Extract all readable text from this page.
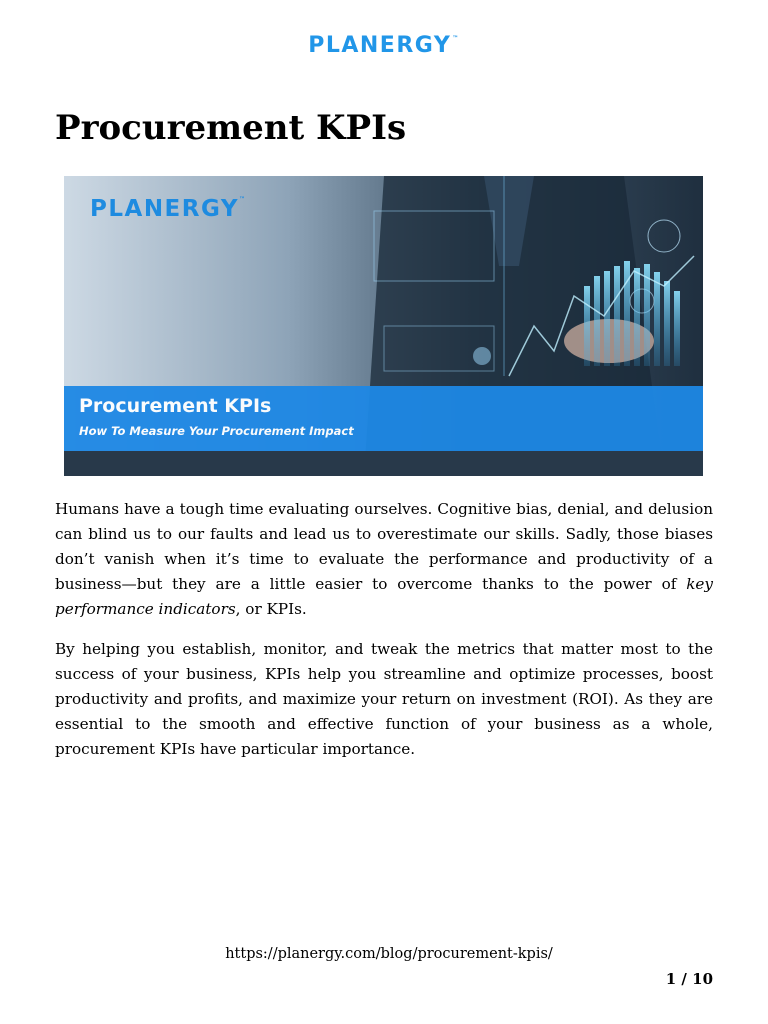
PLANERGY™
Procurement KPIs
PLANERGY™
Procurement KPIs
How To Measure Your Procurement Impact

Humans have a tough time evaluating ourselves. Cognitive bias, denial, and delusion can blind us to our faults and lead us to overestimate our skills. Sadly, those biases don’t vanish when it’s time to evaluate the performance and productivity of a business—but they are a little easier to overcome thanks to the power of key performance indicators, or KPIs.

By helping you establish, monitor, and tweak the metrics that matter most to the success of your business, KPIs help you streamline and optimize processes, boost productivity and profits, and maximize your return on investment (ROI). As they are essential to the smooth and effective function of your business as a whole, procurement KPIs have particular importance.

https://planergy.com/blog/procurement-kpis/
1 / 10
